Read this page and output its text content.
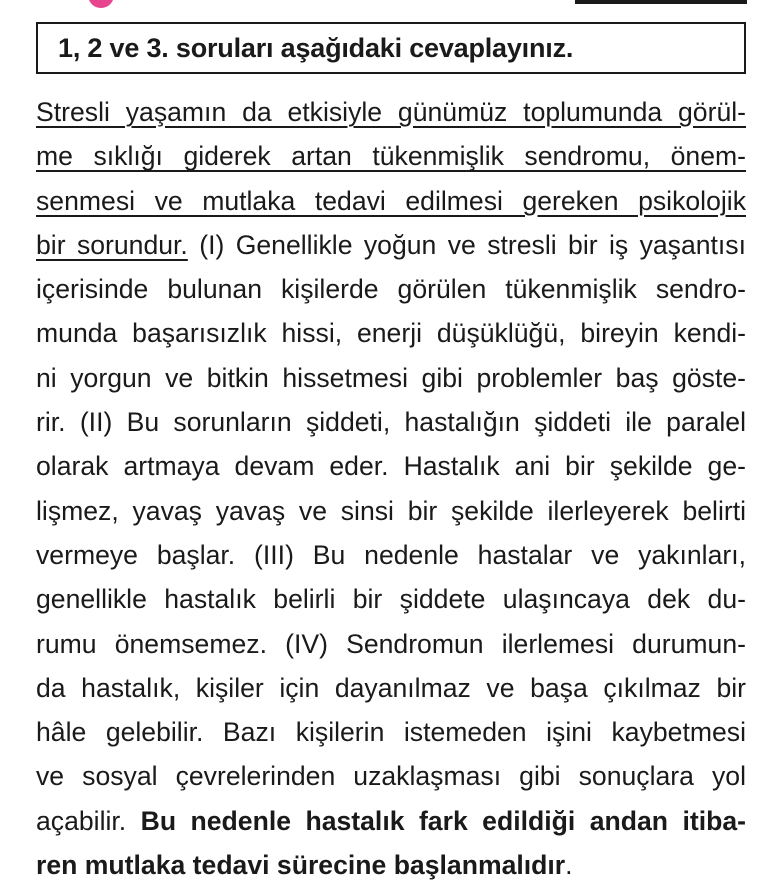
1, 2 ve 3. soruları aşağıdaki cevaplayınız.
Stresli yaşamın da etkisiyle günümüz toplumunda görül-
me sıklığı giderek artan tükenmişlik sendromu, önem-
senmesi ve mutlaka tedavi edilmesi gereken psikolojik
bir sorundur. (I) Genellikle yoğun ve stresli bir iş yaşantısı
içerisinde bulunan kişilerde görülen tükenmişlik sendro-
munda başarısızlık hissi, enerji düşüklüğü, bireyin kendi-
ni yorgun ve bitkin hissetmesi gibi problemler baş göste-
rir. (II) Bu sorunların şiddeti, hastalığın şiddeti ile paralel
olarak artmaya devam eder. Hastalık ani bir şekilde ge-
lişmez, yavaş yavaş ve sinsi bir şekilde ilerleyerek belirti
vermeye başlar. (III) Bu nedenle hastalar ve yakınları,
genellikle hastalık belirli bir şiddete ulaşıncaya dek du-
rumu önemsemez. (IV) Sendromun ilerlemesi durumun-
da hastalık, kişiler için dayanılmaz ve başa çıkılmaz bir
hâle gelebilir. Bazı kişilerin istemeden işini kaybetmesi
ve sosyal çevrelerinden uzaklaşması gibi sonuçlara yol
açabilir. Bu nedenle hastalık fark edildiği andan itiba-
ren mutlaka tedavi sürecine başlanmalıdır.
